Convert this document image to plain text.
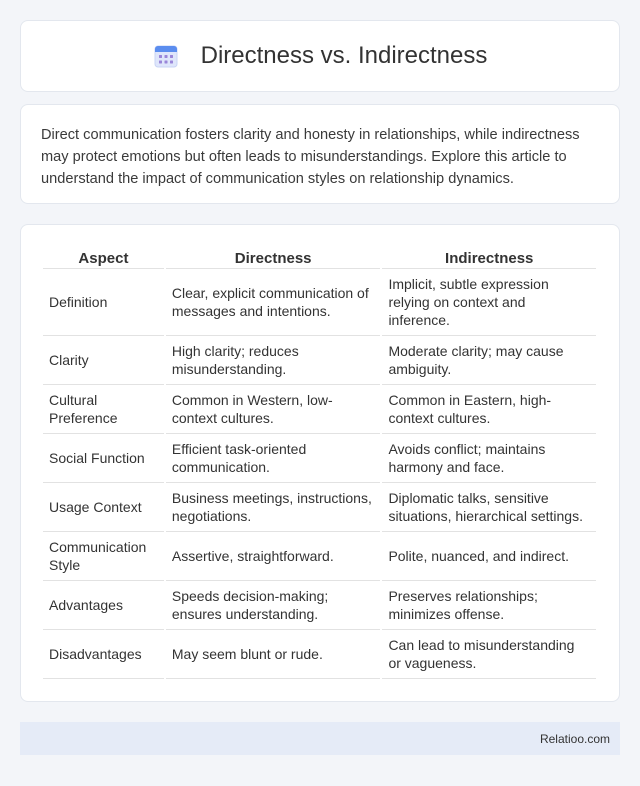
Directness vs. Indirectness

Direct communication fosters clarity and honesty in relationships, while indirectness may protect emotions but often leads to misunderstandings. Explore this article to understand the impact of communication styles on relationship dynamics.

Aspect	Directness	Indirectness
Definition	Clear, explicit communication of messages and intentions.	Implicit, subtle expression relying on context and inference.
Clarity	High clarity; reduces misunderstanding.	Moderate clarity; may cause ambiguity.
Cultural Preference	Common in Western, low-context cultures.	Common in Eastern, high-context cultures.
Social Function	Efficient task-oriented communication.	Avoids conflict; maintains harmony and face.
Usage Context	Business meetings, instructions, negotiations.	Diplomatic talks, sensitive situations, hierarchical settings.
Communication Style	Assertive, straightforward.	Polite, nuanced, and indirect.
Advantages	Speeds decision-making; ensures understanding.	Preserves relationships; minimizes offense.
Disadvantages	May seem blunt or rude.	Can lead to misunderstanding or vagueness.
Relatioo.com
